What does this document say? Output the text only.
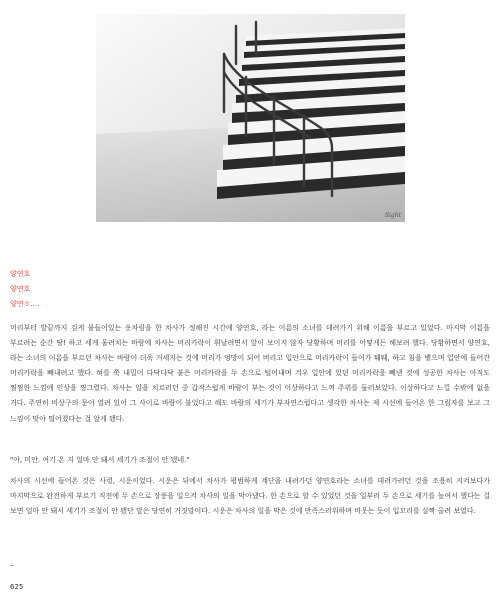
Sight
양연호
양연호
양연ㅎ….

머리부터 발끝까지 검게 물들어있는 옷차림을 한 차사가 정해진 시간에 양연호, 라는 이름의 소녀를 데려가기 위해 이름을 부르고 있었다. 마지막 이름을 부르려는 순간 땅! 하고 세게 울려치는 바람에 차사는 머리카락이 휘날려면서 앞이 보이지 않자 당황하며 머리를 어떻게든 해보려 했다. 당황하면서 양연호, 라는 소녀의 이름을 부르던 차사는 바람이 더욱 거세지는 것에 머리가 엉망이 되어 버리고 입안으로 머리카락이 들어가 퉤퉤, 하고 침을 뱉으며 입안에 들어간 머리카락을 빼내려고 했다. 혀를 쭉 내밀어 다닥다닥 붙은 머리카락을 두 손으로 털어내며 겨우 입안에 있던 머리카락을 빼낸 것에 성공한 차사는 아직도 찜찜한 느낌에 인상을 찡그렸다. 차사는 일을 치르러던 중 갑작스럽게 바람이 부는 것이 이상하다고 느껴 주위를 둘러보았다. 이상하다고 느낄 수밖에 없을 거다. 주연히 비상구의 문이 열려 있어 그 사이로 바람이 불었다고 해도 바람의 세기가 부자연스럽다고 생각한 차사는 제 시선에 들어온 한 그림자를 보고 그 느낌이 맞아 떨어졌다는 걸 알게 됐다.

"아, 미안. 여기 온 지 얼마 안 돼서 세기가 조절이 안 됐네."

차사의 시선에 들어온 것은 사령, 시운이었다. 시운은 뒤에서 차사가 평범하게 계단을 내려가던 양연호라는 소녀를 데려가려던 것을 조용히 지켜보다가 마지막으로 완전하게 부르기 직전에 두 손으로 장풍을 일으켜 차사의 일을 막아냈다. 한 손으로 할 수 있었던 것을 일부러 두 손으로 세기를 높여서 했다는 걸 보면 얼마 안 돼서 세기가 조절이 안 됐단 말은 당연히 거짓말이다. 시운은 차사의 일을 막은 것에 만족스러워하며 비웃는 듯이 입꼬리를 살짝 올려 보였다.

–
625
